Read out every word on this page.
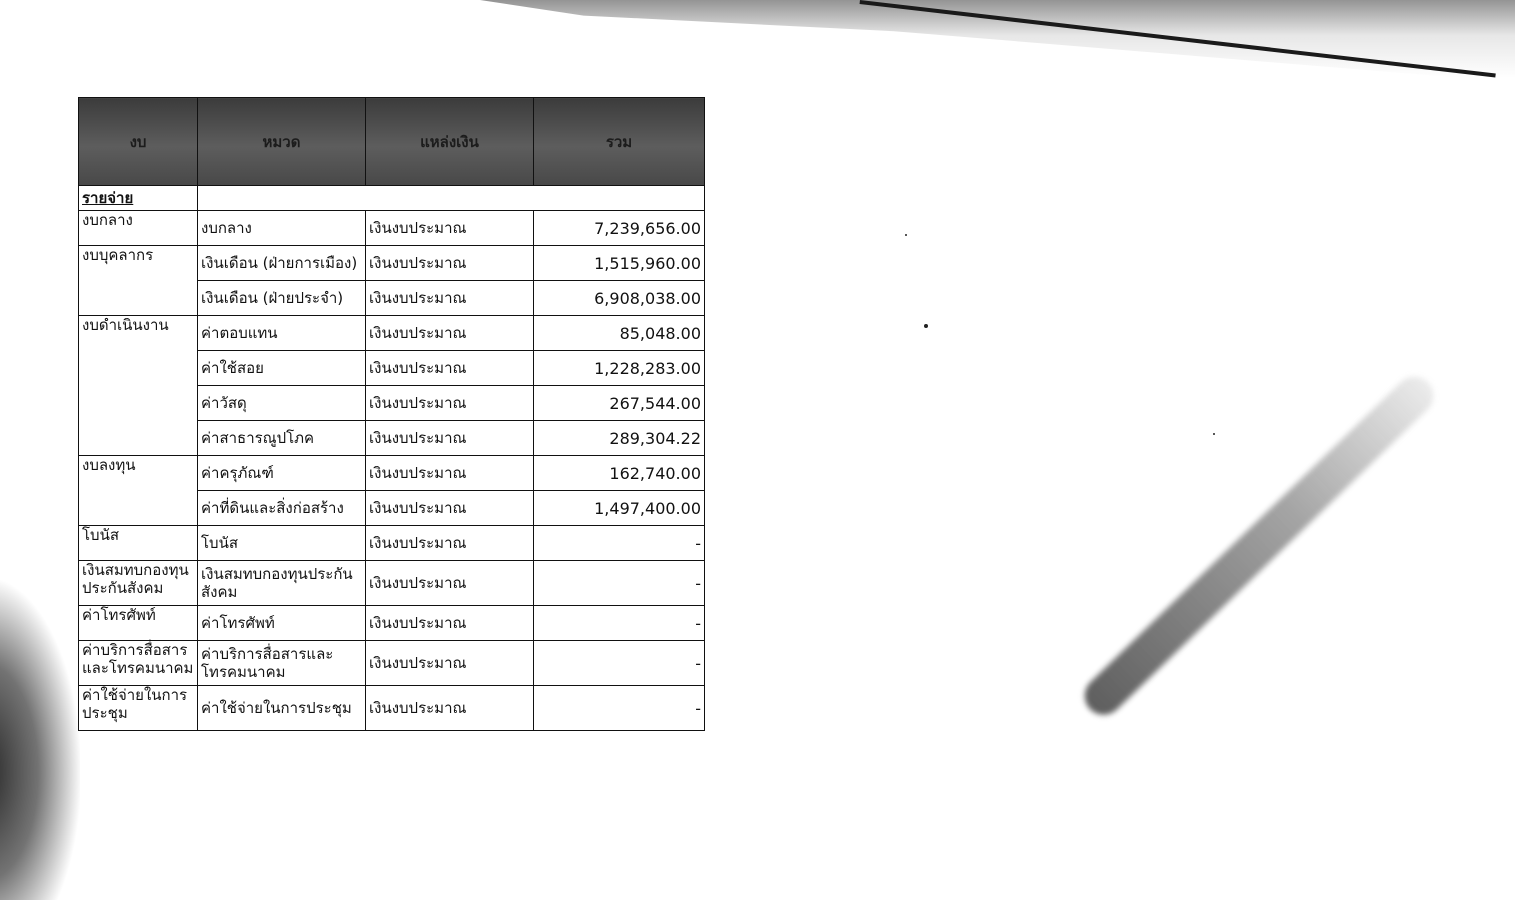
งบ	หมวด	แหล่งเงิน	รวม
รายจ่าย			
งบกลาง	งบกลาง	เงินงบประมาณ	7,239,656.00
งบบุคลากร	เงินเดือน (ฝ่ายการเมือง)	เงินงบประมาณ	1,515,960.00
	เงินเดือน (ฝ่ายประจำ)	เงินงบประมาณ	6,908,038.00
งบดำเนินงาน	ค่าตอบแทน	เงินงบประมาณ	85,048.00
	ค่าใช้สอย	เงินงบประมาณ	1,228,283.00
	ค่าวัสดุ	เงินงบประมาณ	267,544.00
	ค่าสาธารณูปโภค	เงินงบประมาณ	289,304.22
งบลงทุน	ค่าครุภัณฑ์	เงินงบประมาณ	162,740.00
	ค่าที่ดินและสิ่งก่อสร้าง	เงินงบประมาณ	1,497,400.00
โบนัส	โบนัส	เงินงบประมาณ	-
เงินสมทบกองทุนประกันสังคม	เงินสมทบกองทุนประกันสังคม	เงินงบประมาณ	-
ค่าโทรศัพท์	ค่าโทรศัพท์	เงินงบประมาณ	-
ค่าบริการสื่อสารและโทรคมนาคม	ค่าบริการสื่อสารและโทรคมนาคม	เงินงบประมาณ	-
ค่าใช้จ่ายในการประชุม	ค่าใช้จ่ายในการประชุม	เงินงบประมาณ	-
